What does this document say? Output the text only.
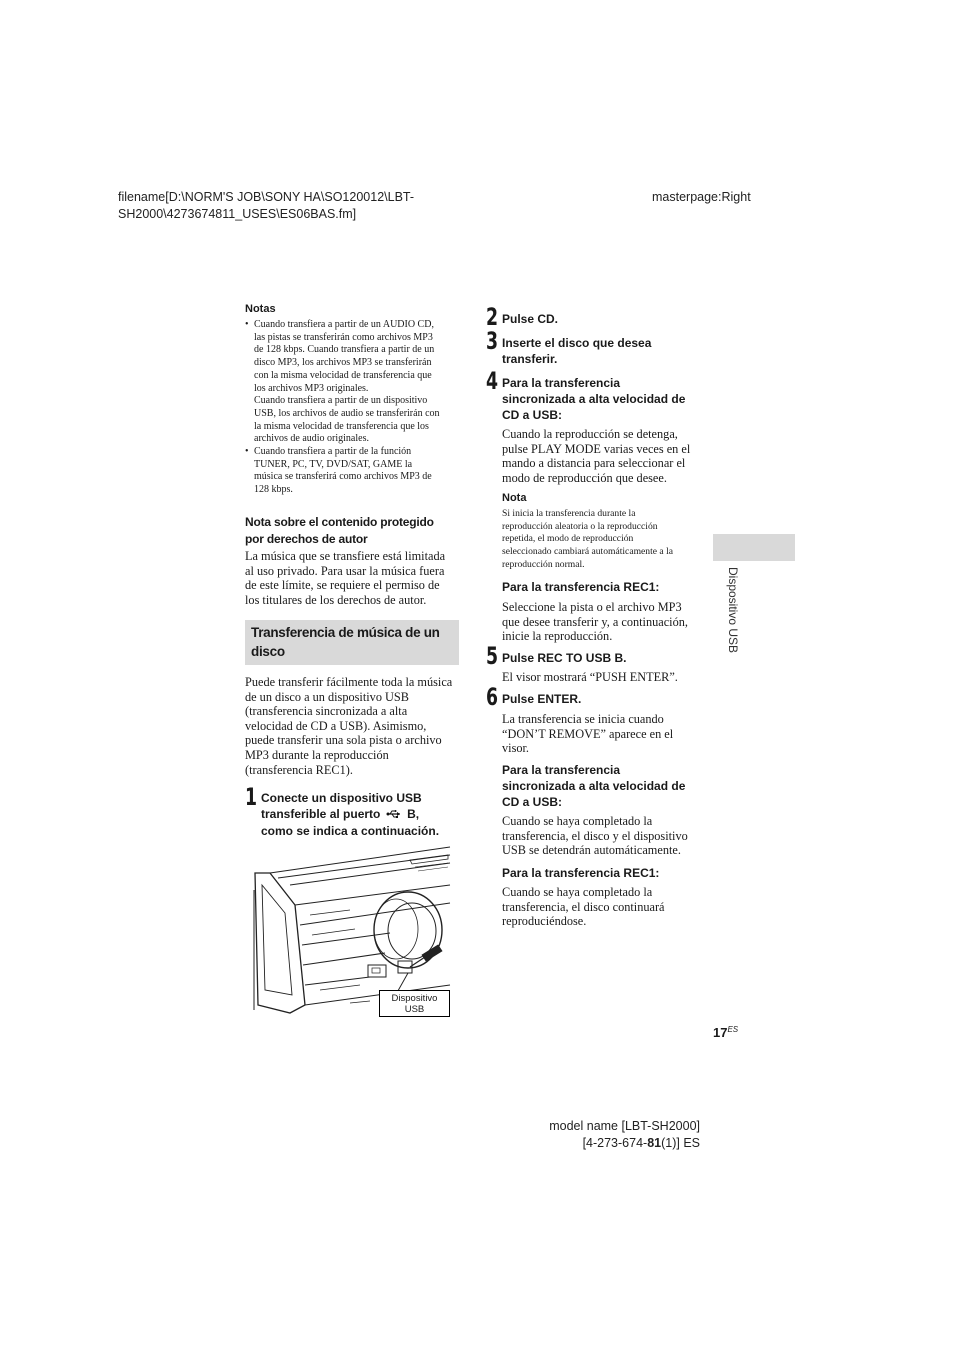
filename[D:\NORM'S JOB\SONY HA\SO120012\LBT-
SH2000\4273674811_USES\ES06BAS.fm]
masterpage:Right
Notas
• Cuando transfiera a partir de un AUDIO CD,
las pistas se transferirán como archivos MP3
de 128 kbps. Cuando transfiera a partir de un
disco MP3, los archivos MP3 se transferirán
con la misma velocidad de transferencia que
los archivos MP3 originales.
Cuando transfiera a partir de un dispositivo
USB, los archivos de audio se transferirán con
la misma velocidad de transferencia que los
archivos de audio originales.
• Cuando transfiera a partir de la función
TUNER, PC, TV, DVD/SAT, GAME la
música se transferirá como archivos MP3 de
128 kbps.
Nota sobre el contenido protegido
por derechos de autor
La música que se transfiere está limitada
al uso privado. Para usar la música fuera
de este límite, se requiere el permiso de
los titulares de los derechos de autor.
Transferencia de música de un
disco
Puede transferir fácilmente toda la música
de un disco a un dispositivo USB
(transferencia sincronizada a alta
velocidad de CD a USB). Asimismo,
puede transferir una sola pista o archivo
MP3 durante la reproducción
(transferencia REC1).
1 Conecte un dispositivo USB
transferible al puerto B,
como se indica a continuación.
Dispositivo
USB
2 Pulse CD.
3 Inserte el disco que desea
transferir.
4 Para la transferencia
sincronizada a alta velocidad de
CD a USB:
Cuando la reproducción se detenga,
pulse PLAY MODE varias veces en el
mando a distancia para seleccionar el
modo de reproducción que desee.
Nota
Si inicia la transferencia durante la
reproducción aleatoria o la reproducción
repetida, el modo de reproducción
seleccionado cambiará automáticamente a la
reproducción normal.
Para la transferencia REC1:
Seleccione la pista o el archivo MP3
que desee transferir y, a continuación,
inicie la reproducción.
5 Pulse REC TO USB B.
El visor mostrará “PUSH ENTER”.
6 Pulse ENTER.
La transferencia se inicia cuando
“DON’T REMOVE” aparece en el
visor.
Para la transferencia
sincronizada a alta velocidad de
CD a USB:
Cuando se haya completado la
transferencia, el disco y el dispositivo
USB se detendrán automáticamente.
Para la transferencia REC1:
Cuando se haya completado la
transferencia, el disco continuará
reproduciéndose.
Dispositivo USB
$17^{ES}$
model name [LBT-SH2000]
[4-273-674-81(1)] ES
